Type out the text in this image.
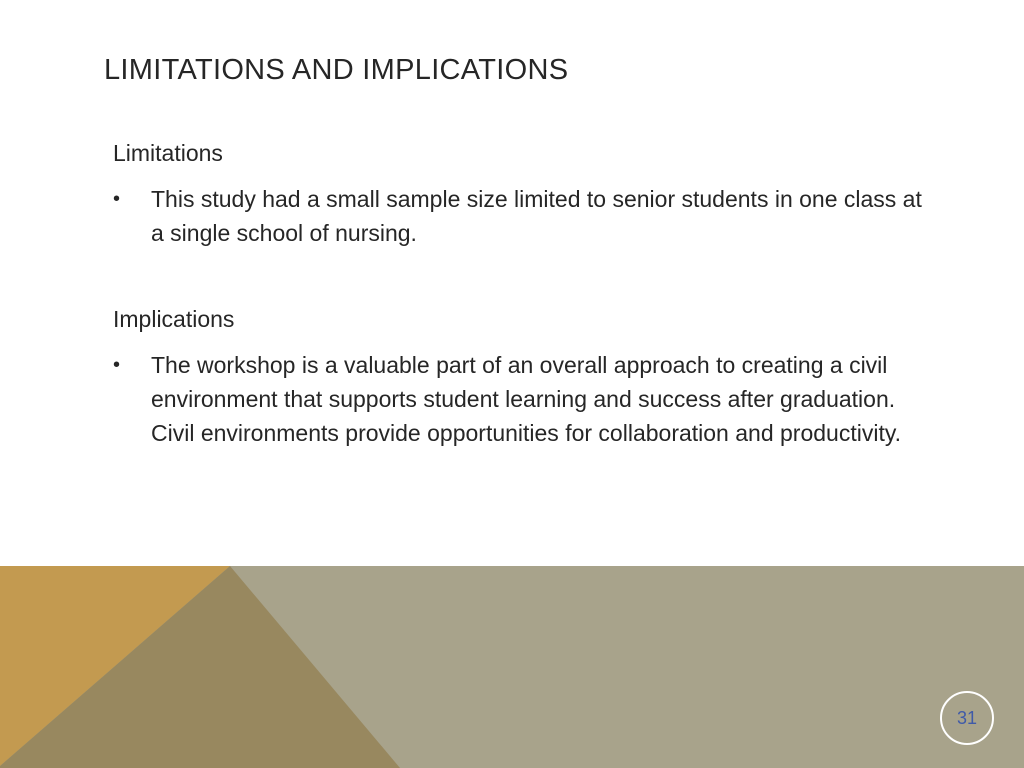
LIMITATIONS AND IMPLICATIONS
Limitations
•	This study had a small sample size limited to senior students in one class at a single school of nursing.
Implications
•	The workshop is a valuable part of an overall approach to creating a civil environment that supports student learning and success after graduation. Civil environments provide opportunities for collaboration and productivity.
31
